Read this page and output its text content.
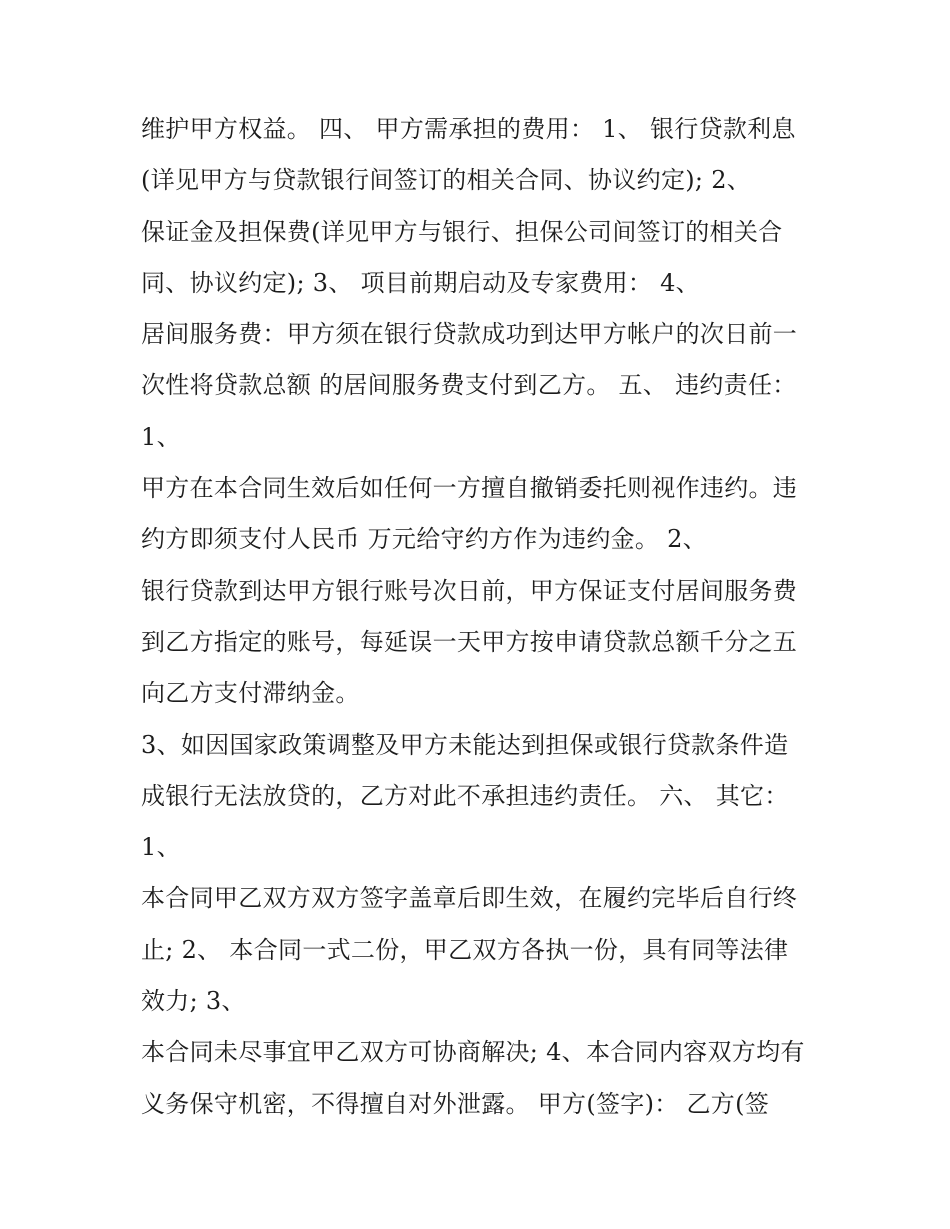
维护甲方权益。 四、 甲方需承担的费用： 1、 银行贷款利息
(详见甲方与贷款银行间签订的相关合同、协议约定); 2、
保证金及担保费(详见甲方与银行、担保公司间签订的相关合
同、协议约定); 3、 项目前期启动及专家费用： 4、
居间服务费：甲方须在银行贷款成功到达甲方帐户的次日前一
次性将贷款总额 的居间服务费支付到乙方。 五、 违约责任：
1、
甲方在本合同生效后如任何一方擅自撤销委托则视作违约。违
约方即须支付人民币 万元给守约方作为违约金。 2、
银行贷款到达甲方银行账号次日前，甲方保证支付居间服务费
到乙方指定的账号，每延误一天甲方按申请贷款总额千分之五
向乙方支付滞纳金。
3、如因国家政策调整及甲方未能达到担保或银行贷款条件造
成银行无法放贷的，乙方对此不承担违约责任。 六、 其它：
1、
本合同甲乙双方双方签字盖章后即生效，在履约完毕后自行终
止; 2、 本合同一式二份，甲乙双方各执一份，具有同等法律
效力; 3、
本合同未尽事宜甲乙双方可协商解决; 4、本合同内容双方均有
义务保守机密，不得擅自对外泄露。 甲方(签字)： 乙方(签
